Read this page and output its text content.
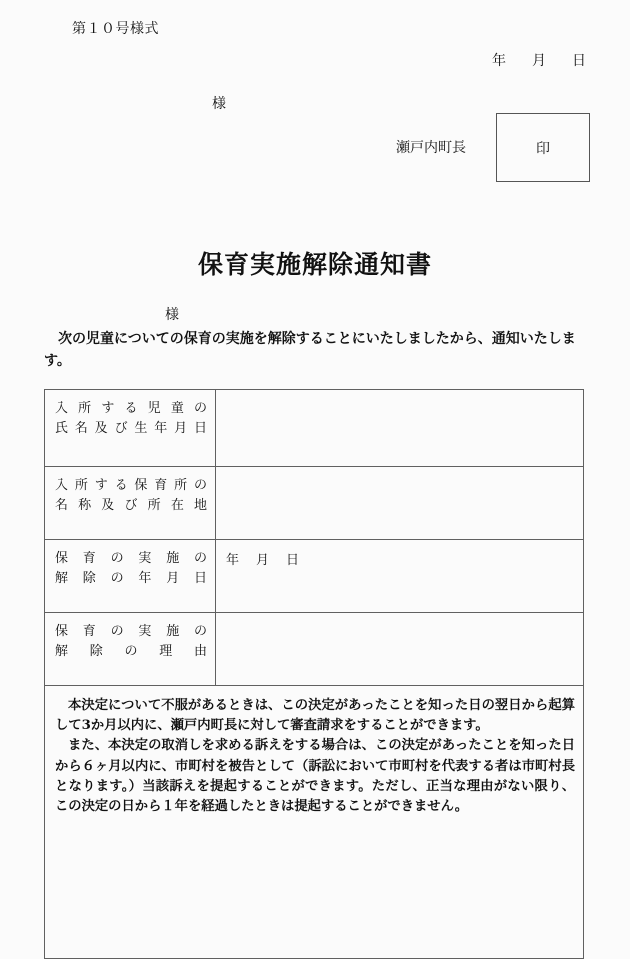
第１０号様式
年 月 日
様
瀬戸内町長	印
保育実施解除通知書
様
次の児童についての保育の実施を解除することにいたしましたから、通知いたします。
入所する児童の
氏名及び生年月日	

入所する保育所の
名称及び所在地	

保育の実施の
解除の年月日	年 月 日

保育の実施の
解除の理由	

本決定について不服があるときは、この決定があったことを知った日の翌日から起算して3か月以内に、瀬戸内町長に対して審査請求をすることができます。

また、本決定の取消しを求める訴えをする場合は、この決定があったことを知った日から６ヶ月以内に、市町村を被告として（訴訟において市町村を代表する者は市町村長となります。）当該訴えを提起することができます。ただし、正当な理由がない限り、この決定の日から１年を経過したときは提起することができません。	
